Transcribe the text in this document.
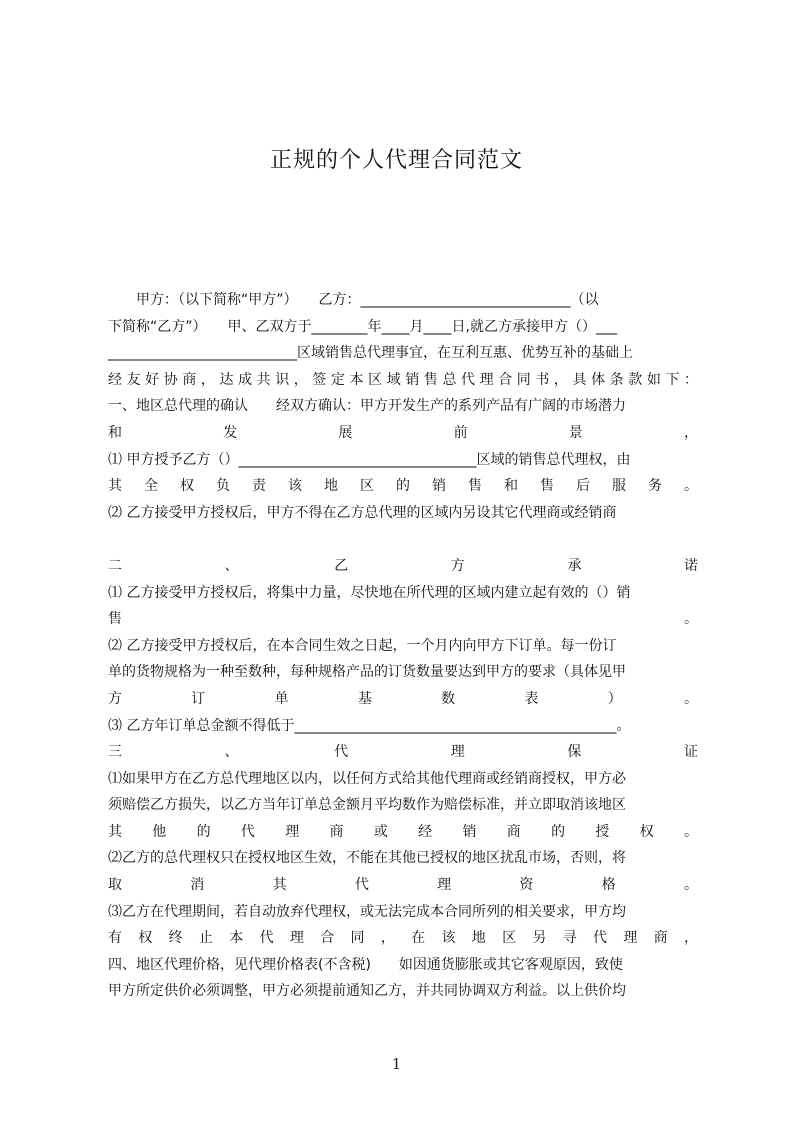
正规的个人代理合同范文
　　甲方：（以下简称“甲方”）　　乙方：______________________________（以
下简称“乙方”）　　甲、乙双方于________年____月____日,就乙方承接甲方（）___
___________________________区域销售总代理事宜，在互利互惠、优势互补的基础上
经友好协商，达成共识，签定本区域销售总代理合同书，具体条款如下：
一、地区总代理的确认　　经双方确认：甲方开发生产的系列产品有广阔的市场潜力
和　发　展　前　景　，
⑴ 甲方授予乙方（）__________________________________区域的销售总代理权，由
其全权负责该地区的销售和售后服务。
⑵ 乙方接受甲方授权后，甲方不得在乙方总代理的区域内另设其它代理商或经销商
二　、　乙　方　承　诺
⑴ 乙方接受甲方授权后，将集中力量，尽快地在所代理的区域内建立起有效的（）销
售　。
⑵ 乙方接受甲方授权后，在本合同生效之日起，一个月内向甲方下订单。每一份订
单的货物规格为一种至数种，每种规格产品的订货数量要达到甲方的要求（具体见甲
方　订　单　基　数　表　）　。
⑶ 乙方年订单总金额不得低于______________________________________________。
三　、　代　理　保　证
⑴如果甲方在乙方总代理地区以内，以任何方式给其他代理商或经销商授权，甲方必
须赔偿乙方损失，以乙方当年订单总金额月平均数作为赔偿标准，并立即取消该地区
其　他　的　代　理　商　或　经　销　商　的　授　权　。
⑵乙方的总代理权只在授权地区生效，不能在其他已授权的地区扰乱市场，否则，将
取　消　其　代　理　资　格　。
⑶乙方在代理期间，若自动放弃代理权，或无法完成本合同所列的相关要求，甲方均
有权终止本代理合同，在该地区另寻代理商，
四、地区代理价格，见代理价格表(不含税)　　如因通货膨胀或其它客观原因，致使
甲方所定供价必须调整，甲方必须提前通知乙方，并共同协调双方利益。以上供价均
1
